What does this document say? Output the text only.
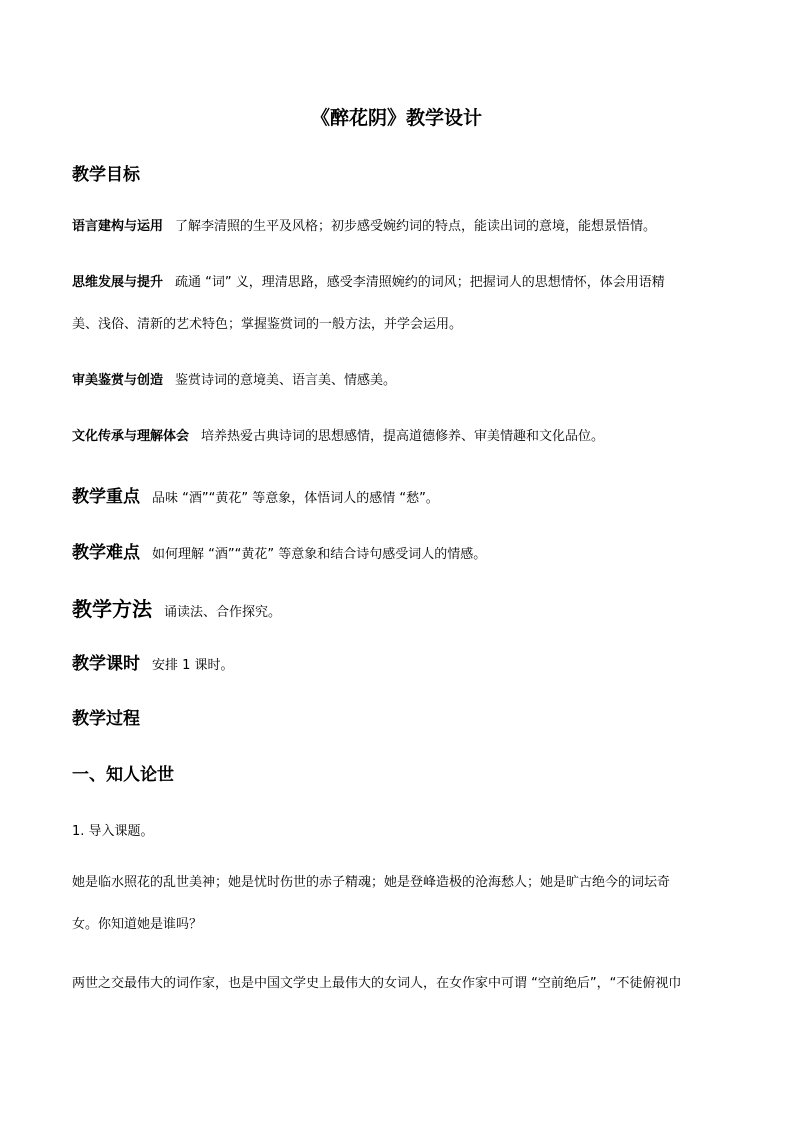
《醉花阴》教学设计
教学目标
语言建构与运用 了解李清照的生平及风格；初步感受婉约词的特点，能读出词的意境，能想景悟情。
思维发展与提升 疏通 “词” 义，理清思路，感受李清照婉约的词风；把握词人的思想情怀，体会用语精
美、浅俗、清新的艺术特色；掌握鉴赏词的一般方法，并学会运用。
审美鉴赏与创造 鉴赏诗词的意境美、语言美、情感美。
文化传承与理解体会 培养热爱古典诗词的思想感情，提高道德修养、审美情趣和文化品位。
教学重点 品味 “酒”“黄花” 等意象，体悟词人的感情 “愁”。
教学难点 如何理解 “酒”“黄花” 等意象和结合诗句感受词人的情感。
教学方法 诵读法、合作探究。
教学课时 安排 1 课时。
教学过程
一、知人论世
1. 导入课题。
她是临水照花的乱世美神；她是忧时伤世的赤子精魂；她是登峰造极的沧海愁人；她是旷古绝今的词坛奇
女。你知道她是谁吗？
两世之交最伟大的词作家，也是中国文学史上最伟大的女词人，在女作家中可谓 “空前绝后”，“不徒俯视巾
